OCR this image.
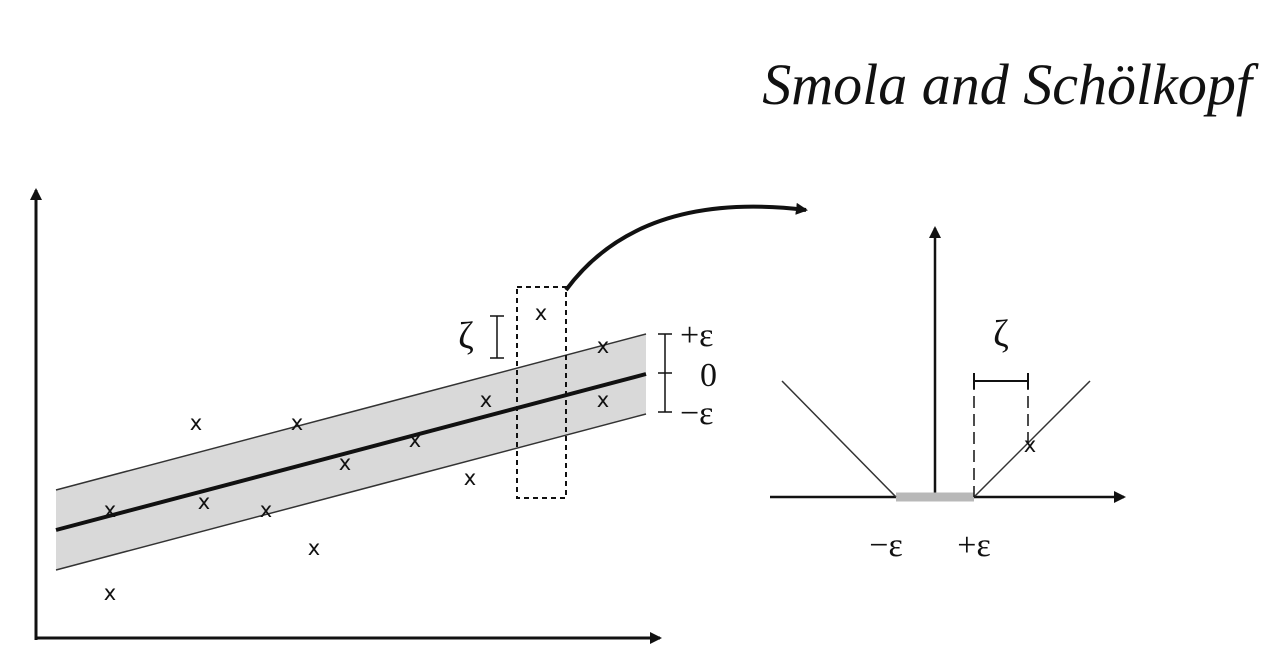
Smola and Schölkopf
x
x
x
x x
x
x
x
x
x
x
x
x
x
ζ	+ε
0
−ε
ζ
x
−ε +ε
